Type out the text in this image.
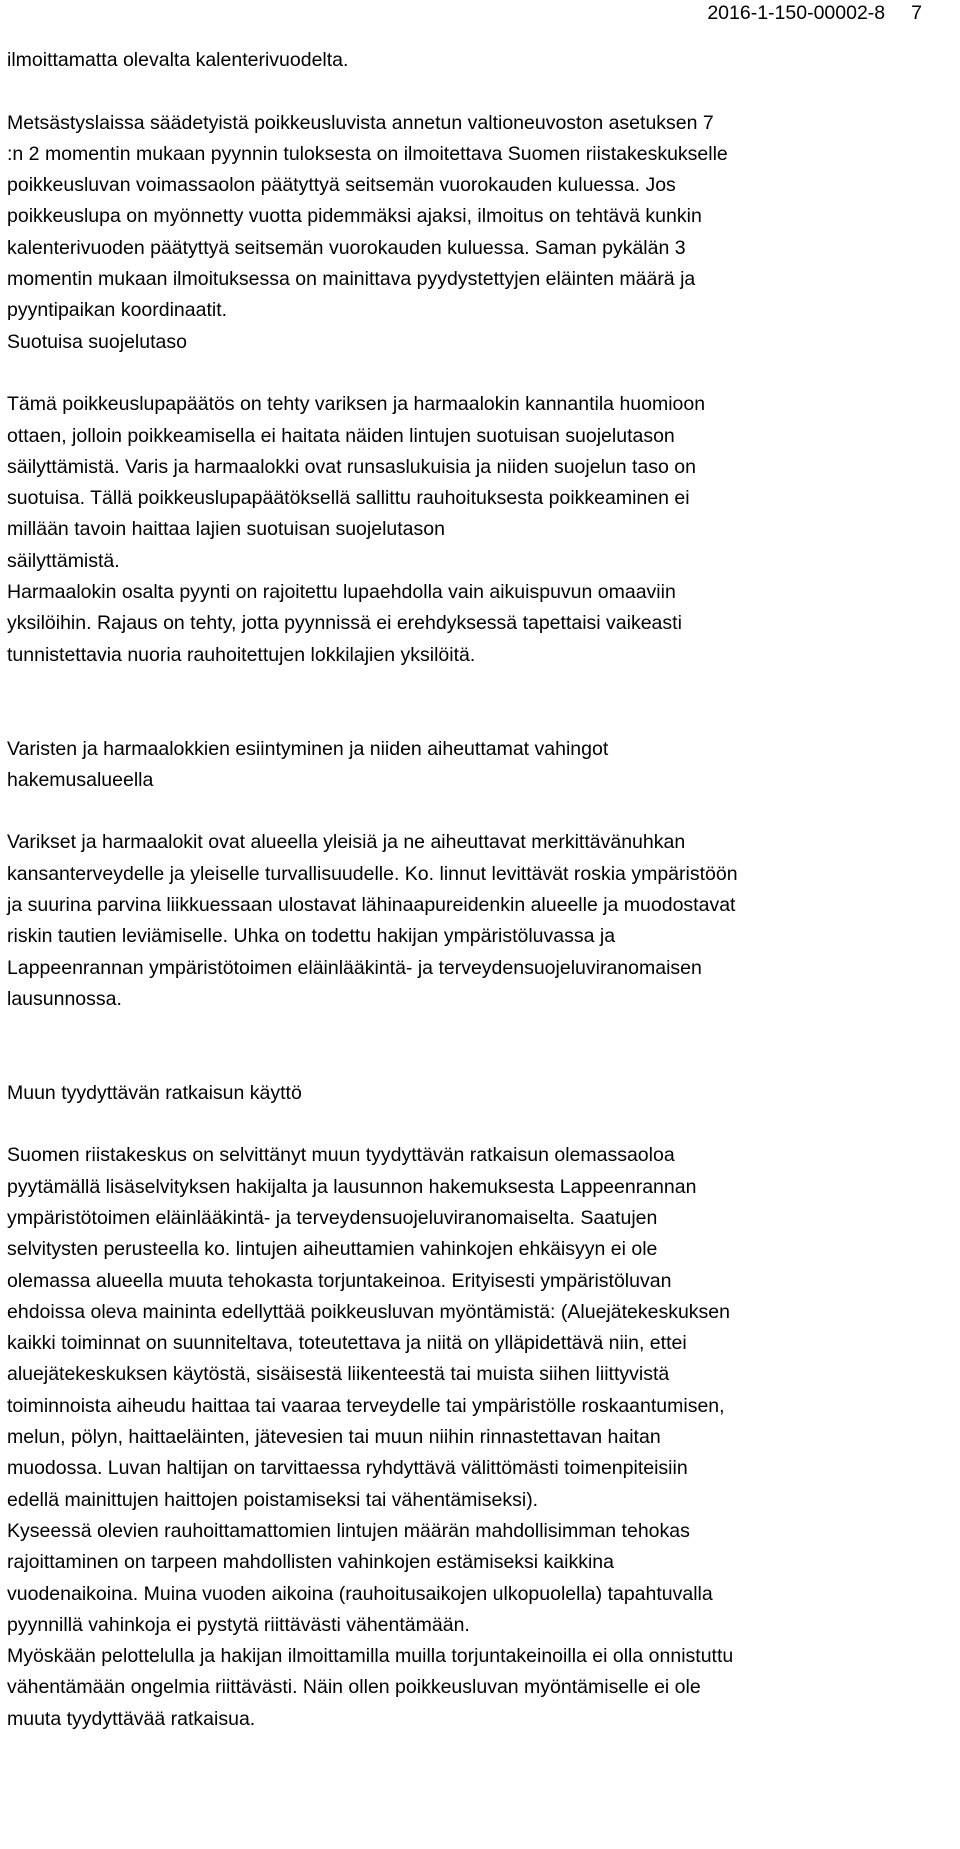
2016-1-150-00002-8 7

ilmoittamatta olevalta kalenterivuodelta.

Metsästyslaissa säädetyistä poikkeusluvista annetun valtioneuvoston asetuksen 7
:n 2 momentin mukaan pyynnin tuloksesta on ilmoitettava Suomen riistakeskukselle
poikkeusluvan voimassaolon päätyttyä seitsemän vuorokauden kuluessa. Jos
poikkeuslupa on myönnetty vuotta pidemmäksi ajaksi, ilmoitus on tehtävä kunkin
kalenterivuoden päätyttyä seitsemän vuorokauden kuluessa. Saman pykälän 3
momentin mukaan ilmoituksessa on mainittava pyydystettyjen eläinten määrä ja
pyyntipaikan koordinaatit.

Suotuisa suojelutaso

Tämä poikkeuslupapäätös on tehty variksen ja harmaalokin kannantila huomioon
ottaen, jolloin poikkeamisella ei haitata näiden lintujen suotuisan suojelutason
säilyttämistä. Varis ja harmaalokki ovat runsaslukuisia ja niiden suojelun taso on
suotuisa. Tällä poikkeuslupapäätöksellä sallittu rauhoituksesta poikkeaminen ei
millään tavoin haittaa lajien suotuisan suojelutason
säilyttämistä.

Harmaalokin osalta pyynti on rajoitettu lupaehdolla vain aikuispuvun omaaviin
yksilöihin. Rajaus on tehty, jotta pyynnissä ei erehdyksessä tapettaisi vaikeasti
tunnistettavia nuoria rauhoitettujen lokkilajien yksilöitä.

Varisten ja harmaalokkien esiintyminen ja niiden aiheuttamat vahingot
hakemusalueella

Varikset ja harmaalokit ovat alueella yleisiä ja ne aiheuttavat merkittävänuhkan
kansanterveydelle ja yleiselle turvallisuudelle. Ko. linnut levittävät roskia ympäristöön
ja suurina parvina liikkuessaan ulostavat lähinaapureidenkin alueelle ja muodostavat
riskin tautien leviämiselle. Uhka on todettu hakijan ympäristöluvassa ja
Lappeenrannan ympäristötoimen eläinlääkintä- ja terveydensuojeluviranomaisen
lausunnossa.

Muun tyydyttävän ratkaisun käyttö

Suomen riistakeskus on selvittänyt muun tyydyttävän ratkaisun olemassaoloa
pyytämällä lisäselvityksen hakijalta ja lausunnon hakemuksesta Lappeenrannan
ympäristötoimen eläinlääkintä- ja terveydensuojeluviranomaiselta. Saatujen
selvitysten perusteella ko. lintujen aiheuttamien vahinkojen ehkäisyyn ei ole
olemassa alueella muuta tehokasta torjuntakeinoa. Erityisesti ympäristöluvan
ehdoissa oleva maininta edellyttää poikkeusluvan myöntämistä: (Aluejätekeskuksen
kaikki toiminnat on suunniteltava, toteutettava ja niitä on ylläpidettävä niin, ettei
aluejätekeskuksen käytöstä, sisäisestä liikenteestä tai muista siihen liittyvistä
toiminnoista aiheudu haittaa tai vaaraa terveydelle tai ympäristölle roskaantumisen,
melun, pölyn, haittaeläinten, jätevesien tai muun niihin rinnastettavan haitan
muodossa. Luvan haltijan on tarvittaessa ryhdyttävä välittömästi toimenpiteisiin
edellä mainittujen haittojen poistamiseksi tai vähentämiseksi).

Kyseessä olevien rauhoittamattomien lintujen määrän mahdollisimman tehokas
rajoittaminen on tarpeen mahdollisten vahinkojen estämiseksi kaikkina
vuodenaikoina. Muina vuoden aikoina (rauhoitusaikojen ulkopuolella) tapahtuvalla
pyynnillä vahinkoja ei pystytä riittävästi vähentämään.

Myöskään pelottelulla ja hakijan ilmoittamilla muilla torjuntakeinoilla ei olla onnistuttu
vähentämään ongelmia riittävästi. Näin ollen poikkeusluvan myöntämiselle ei ole
muuta tyydyttävää ratkaisua.
